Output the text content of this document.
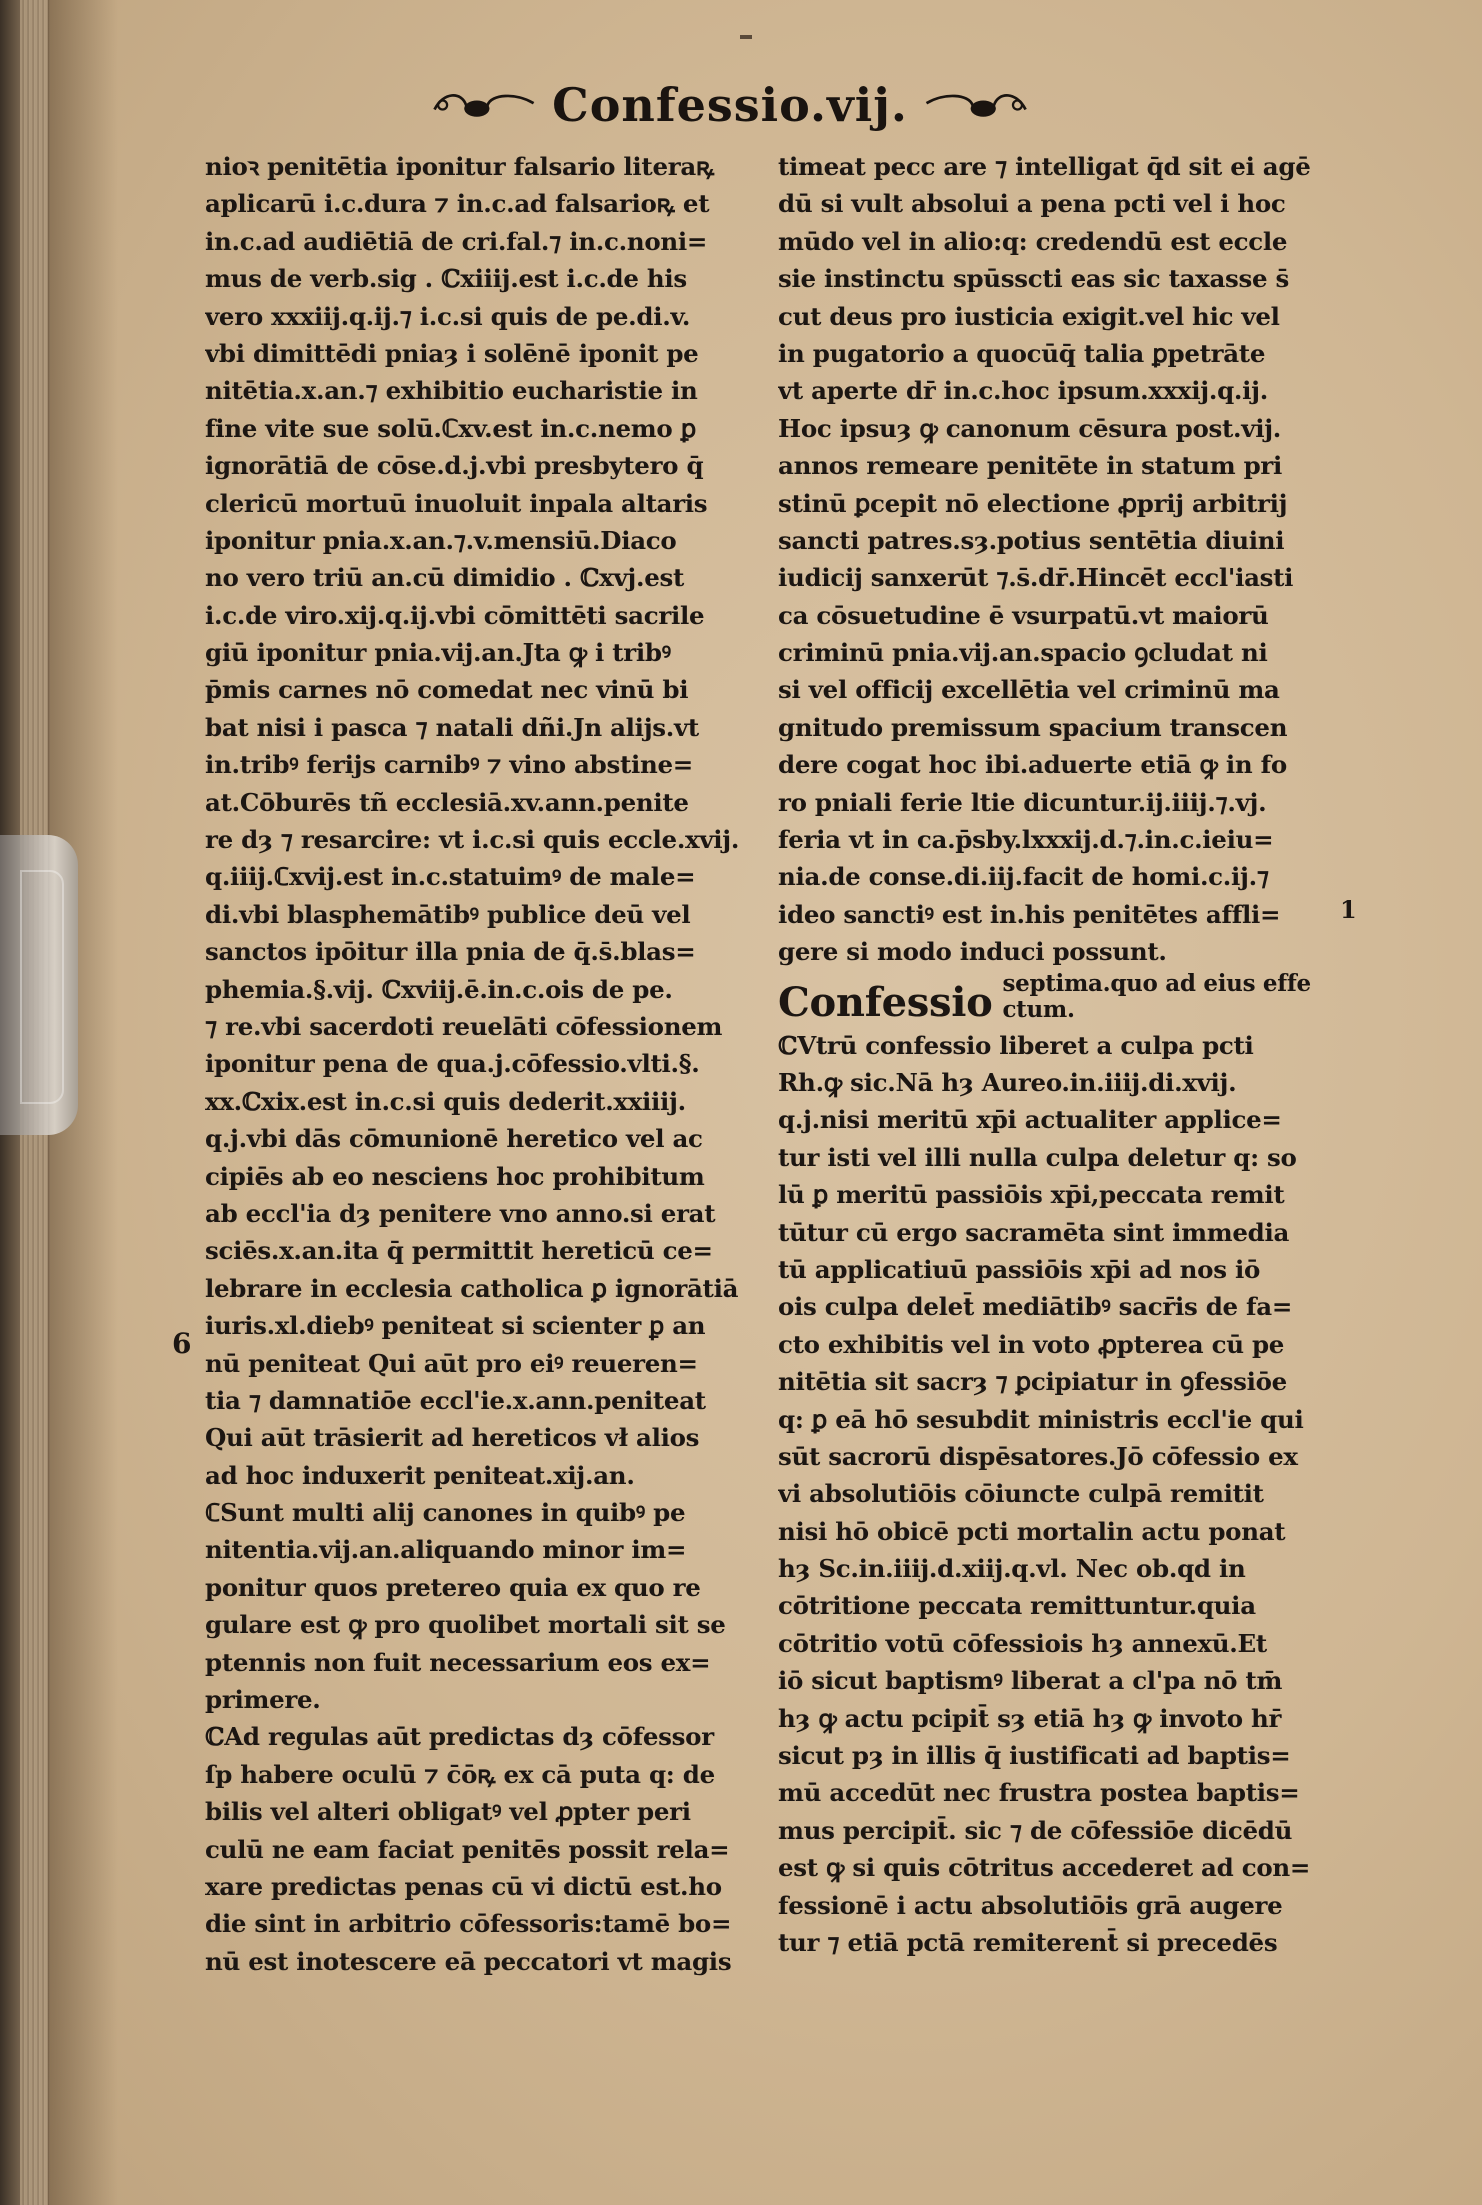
Confessio.vij.
nioꝛ penitētia iponitur falsario literaꝶ
aplicarū i.c.dura ⁊ in.c.ad falsarioꝶ et
in.c.ad audiētiā de cri.fal.⁊ in.c.noni=
mus de verb.sig . ℂxiiij.est i.c.de his
vero xxxiij.q.ij.⁊ i.c.si quis de pe.di.v.
vbi dimittēdi pniaȝ i solēnē iponit pe
nitētia.x.an.⁊ exhibitio eucharistie in
fine vite sue solū.ℂxv.est in.c.nemo ꝑ
ignorātiā de cōse.d.j.vbi presbytero q̄
clericū mortuū inuoluit inpala altaris
iponitur pnia.x.an.⁊.v.mensiū.Diaco
no vero triū an.cū dimidio . ℂxvj.est
i.c.de viro.xij.q.ij.vbi cōmittēti sacrile
giū iponitur pnia.vij.an.Jta ꝙ i tribꝰ
p̄mis carnes nō comedat nec vinū bi
bat nisi i pasca ⁊ natali dñi.Jn alijs.vt
in.tribꝰ ferijs carnibꝰ ⁊ vino abstine=
at.Cōburēs tñ ecclesiā.xv.ann.penite
re dȝ ⁊ resarcire: vt i.c.si quis eccle.xvij.
q.iiij.ℂxvij.est in.c.statuimꝰ de male=
di.vbi blasphemātibꝰ publice deū vel
sanctos ipōitur illa pnia de q̄.s̄.blas=
phemia.§.vij. ℂxviij.ē.in.c.ois de pe.
⁊ re.vbi sacerdoti reuelāti cōfessionem
iponitur pena de qua.j.cōfessio.vlti.§.
xx.ℂxix.est in.c.si quis dederit.xxiiij.
q.j.vbi dās cōmunionē heretico vel ac
cipiēs ab eo nesciens hoc prohibitum
ab eccl'ia dȝ penitere vno anno.si erat
sciēs.x.an.ita q̄ permittit hereticū ce=
lebrare in ecclesia catholica ꝑ ignorātiā
iuris.xl.diebꝰ peniteat si scienter ꝑ an
nū peniteat Qui aūt pro eiꝰ reueren=
tia ⁊ damnatiōe eccl'ie.x.ann.peniteat
Qui aūt trāsierit ad hereticos vł alios
ad hoc induxerit peniteat.xij.an.
ℂSunt multi alij canones in quibꝰ pe
nitentia.vij.an.aliquando minor im=
ponitur quos pretereo quia ex quo re
gulare est ꝙ pro quolibet mortali sit se
ptennis non fuit necessarium eos ex=
primere.
ℂAd regulas aūt predictas dȝ cōfessor
ſp habere oculū ⁊ c̄ōꝶ ex cā puta q: de
bilis vel alteri obligatꝰ vel ꝓpter peri
culū ne eam faciat penitēs possit rela=
xare predictas penas cū vi dictū est.ho
die sint in arbitrio cōfessoris:tamē bo=
nū est inotescere eā peccatori vt magis
timeat pecc are ⁊ intelligat q̄d sit ei agē
dū si vult absolui a pena pcti vel i hoc
mūdo vel in alio:q: credendū est eccle
sie instinctu spūsscti eas sic taxasse s̄
cut deus pro iusticia exigit.vel hic vel
in pugatorio a quocūq̄ talia ꝑpetrāte
vt aperte dr̄ in.c.hoc ipsum.xxxij.q.ij.
Hoc ipsuȝ ꝙ canonum cēsura post.vij.
annos remeare penitēte in statum pri
stinū ꝑcepit nō electione ꝓprij arbitrij
sancti patres.sȝ.potius sentētia diuini
iudicij sanxerūt ⁊.s̄.dr̄.Hincēt eccl'iasti
ca cōsuetudine ē vsurpatū.vt maiorū
criminū pnia.vij.an.spacio ꝯcludat ni
si vel officij excellētia vel criminū ma
gnitudo premissum spacium transcen
dere cogat hoc ibi.aduerte etiā ꝙ in fo
ro pniali ferie ltie dicuntur.ij.iiij.⁊.vj.
feria vt in ca.p̄sby.lxxxij.d.⁊.in.c.ieiu=
nia.de conse.di.iij.facit de homi.c.ij.⁊
ideo sanctiꝰ est in.his penitētes affli=
gere si modo induci possunt.
Confessio septima.quo ad eius effe
ctum.
ℂVtrū confessio liberet a culpa pcti
Rh.ꝙ sic.Nā hȝ Aureo.in.iiij.di.xvij.
q.j.nisi meritū xp̄i actualiter applice=
tur isti vel illi nulla culpa deletur q: so
lū ꝑ meritū passiōis xp̄i,peccata remit
tūtur cū ergo sacramēta sint immedia
tū applicatiuū passiōis xp̄i ad nos iō
ois culpa delet̄ mediātibꝰ sacr̄is de fa=
cto exhibitis vel in voto ꝓpterea cū pe
nitētia sit sacrȝ ⁊ ꝑcipiatur in ꝯfessiōe
q: ꝑ eā hō sesubdit ministris eccl'ie qui
sūt sacrorū dispēsatores.Jō cōfessio ex
vi absolutiōis cōiuncte culpā remitit
nisi hō obicē pcti mortalin actu ponat
hȝ Sc.in.iiij.d.xiij.q.vl. Nec ob.qd in
cōtritione peccata remittuntur.quia
cōtritio votū cōfessiois hȝ annexū.Et
iō sicut baptismꝰ liberat a cl'pa nō tm̄
hȝ ꝙ actu pcipit̄ sȝ etiā hȝ ꝙ invoto hr̄
sicut pȝ in illis q̄ iustificati ad baptis=
mū accedūt nec frustra postea baptis=
mus percipit̄. sic ⁊ de cōfessiōe dicēdū
est ꝙ si quis cōtritus accederet ad con=
fessionē i actu absolutiōis grā augere
tur ⁊ etiā pctā remiterent̄ si precedēs
6
1
